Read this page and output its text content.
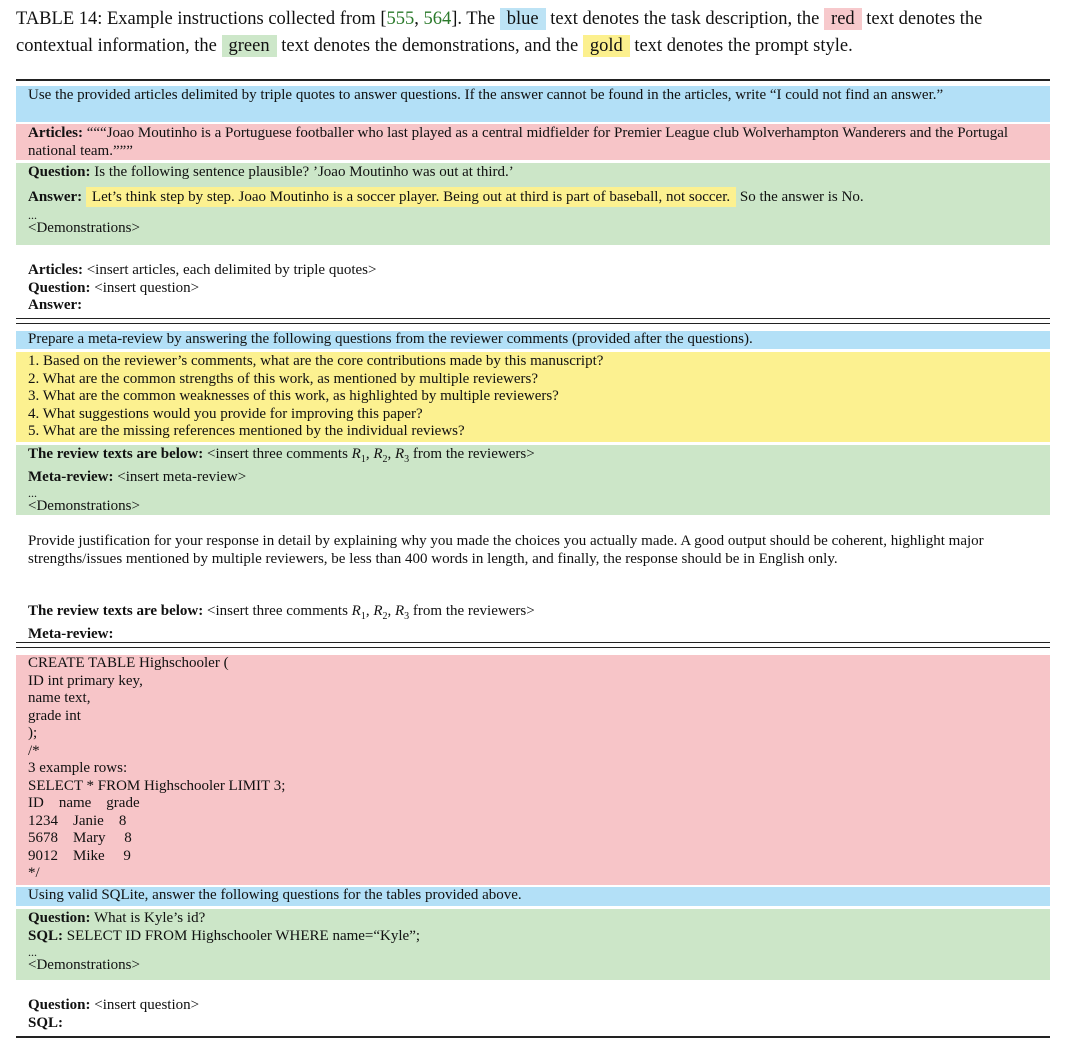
TABLE 14: Example instructions collected from [555, 564]. The blue text denotes the task description, the red text denotes the contextual information, the green text denotes the demonstrations, and the gold text denotes the prompt style.
Use the provided articles delimited by triple quotes to answer questions. If the answer cannot be found in the articles, write “I could not find an answer.”
Articles: “““Joao Moutinho is a Portuguese footballer who last played as a central midfielder for Premier League club Wolverhampton Wanderers and the Portugal national team.”””
Question: Is the following sentence plausible? ’Joao Moutinho was out at third.’
Answer: Let’s think step by step. Joao Moutinho is a soccer player. Being out at third is part of baseball, not soccer. So the answer is No.
...
<Demonstrations>
Articles: <insert articles, each delimited by triple quotes>
Question: <insert question>
Answer:
Prepare a meta-review by answering the following questions from the reviewer comments (provided after the questions).
1. Based on the reviewer’s comments, what are the core contributions made by this manuscript?
2. What are the common strengths of this work, as mentioned by multiple reviewers?
3. What are the common weaknesses of this work, as highlighted by multiple reviewers?
4. What suggestions would you provide for improving this paper?
5. What are the missing references mentioned by the individual reviews?
The review texts are below: <insert three comments $R_1$, $R_2$, $R_3$ from the reviewers>
Meta-review: <insert meta-review>
...
<Demonstrations>
Provide justification for your response in detail by explaining why you made the choices you actually made. A good output should be coherent, highlight major strengths/issues mentioned by multiple reviewers, be less than 400 words in length, and finally, the response should be in English only.
The review texts are below: <insert three comments $R_1$, $R_2$, $R_3$ from the reviewers>
Meta-review:
CREATE TABLE Highschooler (
ID int primary key,
name text,
grade int
);
/*
3 example rows:
SELECT * FROM Highschooler LIMIT 3;
ID    name    grade
1234    Janie    8
5678    Mary     8
9012    Mike     9
*/
Using valid SQLite, answer the following questions for the tables provided above.
Question: What is Kyle’s id?
SQL: SELECT ID FROM Highschooler WHERE name=“Kyle”;
...
<Demonstrations>
Question: <insert question>
SQL:
